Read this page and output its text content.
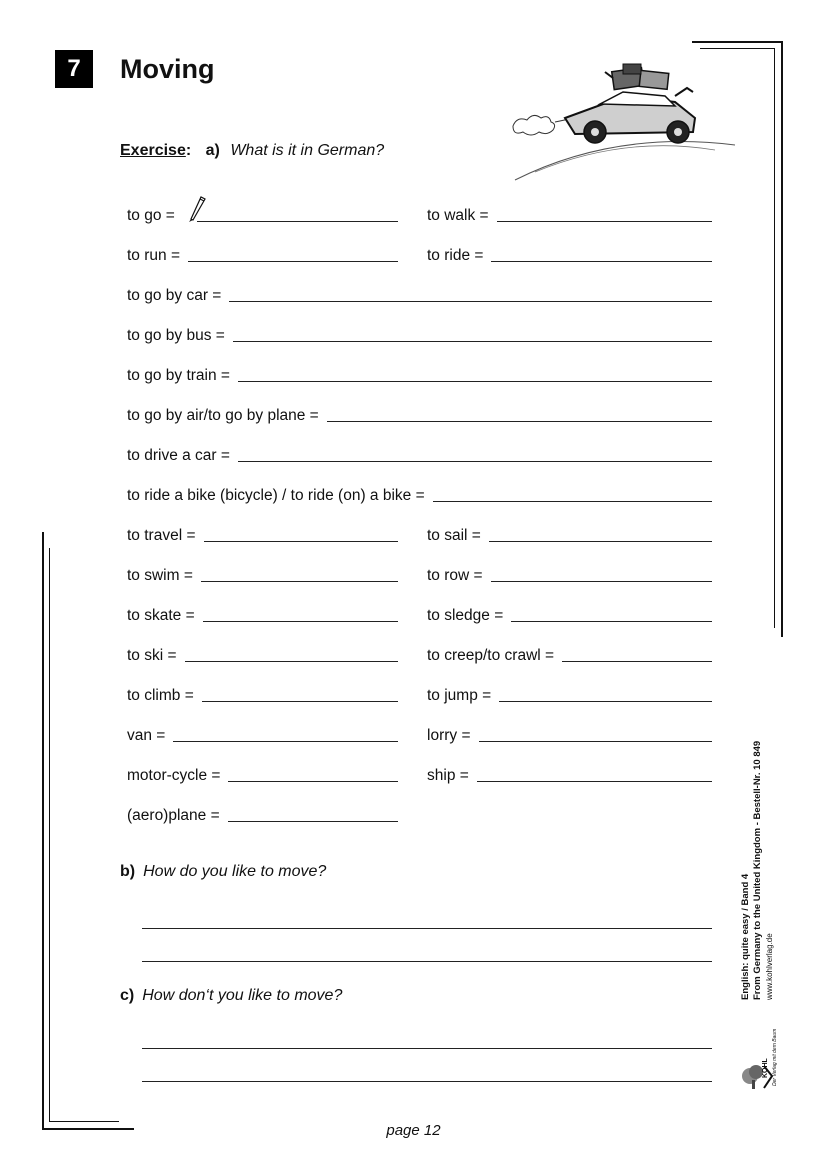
7 Moving
Exercise: a) What is it in German?
to go =	to walk =
to run =	to ride =
to go by car =
to go by bus =
to go by train =
to go by air/to go by plane =
to drive a car =
to ride a bike (bicycle) / to ride (on) a bike =
to travel =	to sail =
to swim =	to row =
to skate =	to sledge =
to ski =	to creep/to crawl =
to climb =	to jump =
van =	lorry =
motor-cycle =	ship =
(aero)plane =
b) How do you like to move?
c) How don‘t you like to move?
page 12
English: quite easy / Band 4 From Germany to the United Kingdom - Bestell-Nr. 10 849 www.kohlverlag.de
KOHL Der Verlag mit dem Baum
